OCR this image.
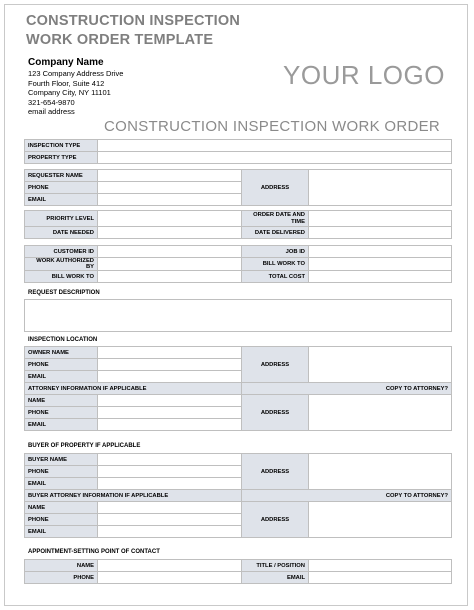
CONSTRUCTION INSPECTION
WORK ORDER TEMPLATE
Company Name
123 Company Address Drive
Fourth Floor, Suite 412
Company City, NY 11101
321-654-9870
email address
YOUR LOGO
CONSTRUCTION INSPECTION WORK ORDER
INSPECTION TYPE	
PROPERTY TYPE	
REQUESTER NAME		ADDRESS	
PHONE			
EMAIL			
PRIORITY LEVEL		ORDER DATE AND TIME	
DATE NEEDED		DATE DELIVERED	
CUSTOMER ID		JOB ID	
WORK AUTHORIZED BY		BILL WORK TO	
BILL WORK TO		TOTAL COST	
REQUEST DESCRIPTION
INSPECTION LOCATION
OWNER NAME		ADDRESS	
PHONE			
EMAIL			
ATTORNEY INFORMATION IF APPLICABLE		COPY TO ATTORNEY?	
NAME		ADDRESS	
PHONE			
EMAIL			
BUYER OF PROPERTY IF APPLICABLE
BUYER NAME		ADDRESS	
PHONE			
EMAIL			
BUYER ATTORNEY INFORMATION IF APPLICABLE		COPY TO ATTORNEY?	
NAME		ADDRESS	
PHONE			
EMAIL			
APPOINTMENT-SETTING POINT OF CONTACT
NAME		TITLE / POSITION	
PHONE		EMAIL	
